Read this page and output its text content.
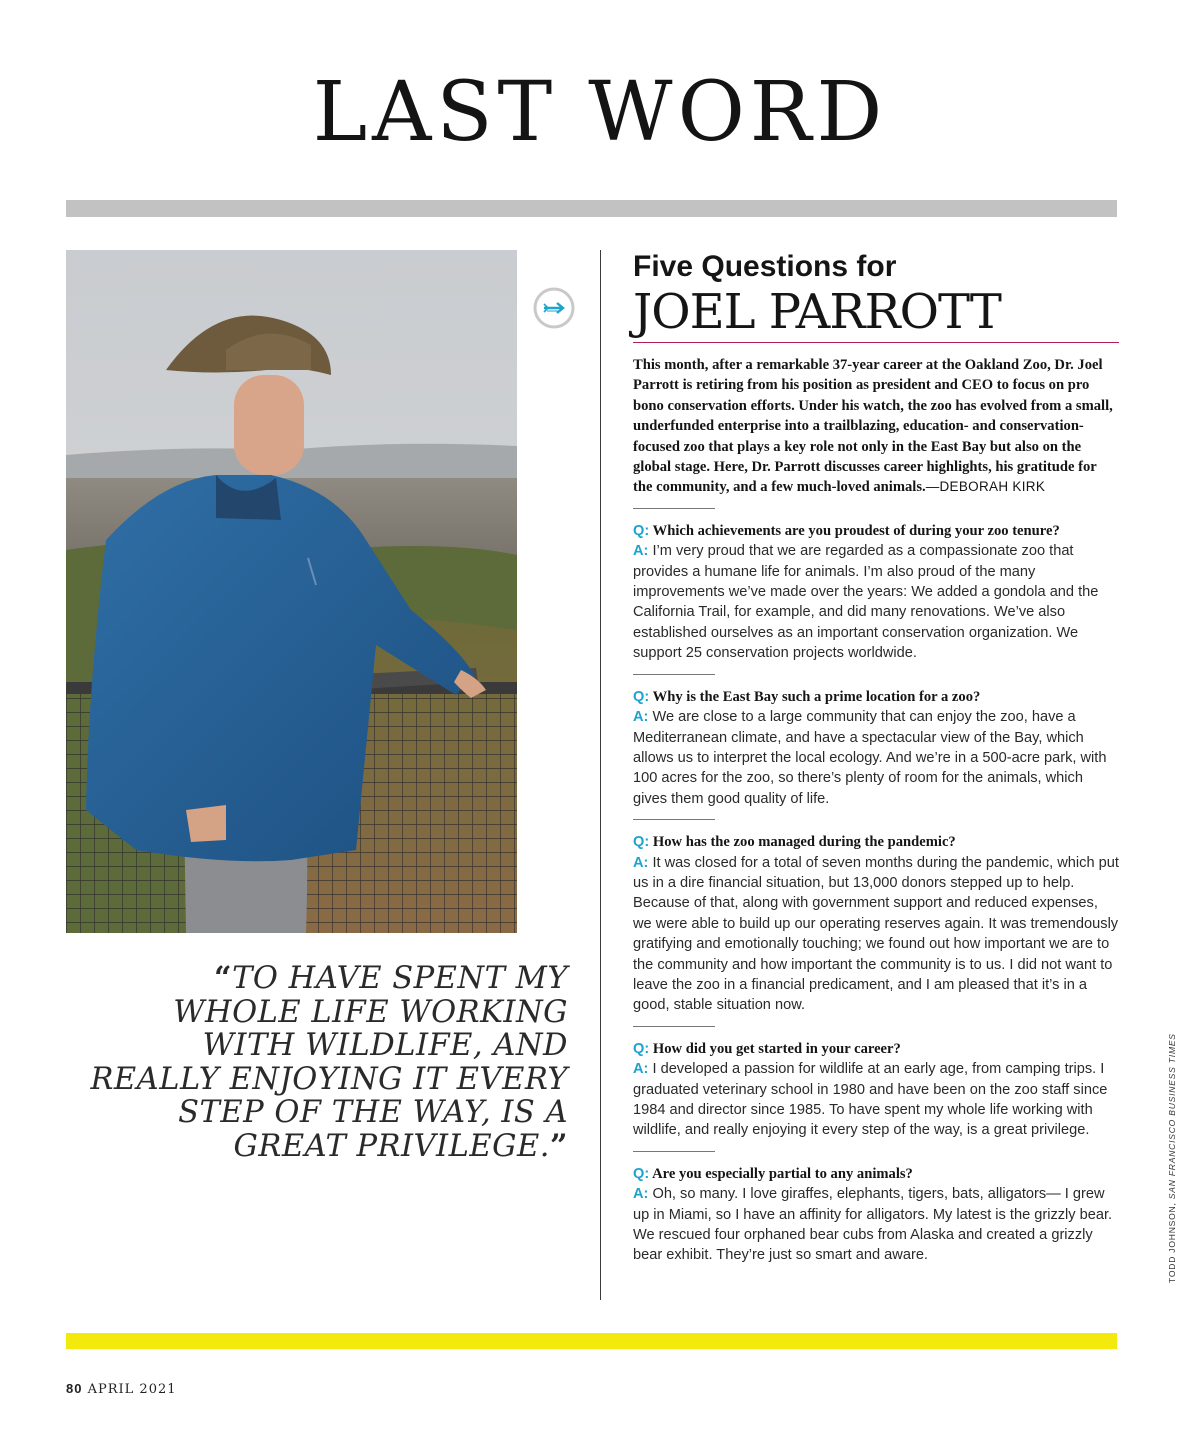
LAST WORD
“TO HAVE SPENT MY WHOLE LIFE WORKING WITH WILDLIFE, AND REALLY ENJOYING IT EVERY STEP OF THE WAY, IS A GREAT PRIVILEGE.”
Five Questions for
JOEL PARROTT

This month, after a remarkable 37-year career at the Oakland Zoo, Dr. Joel Parrott is retiring from his position as president and CEO to focus on pro bono conservation efforts. Under his watch, the zoo has evolved from a small, underfunded enterprise into a trailblazing, education- and conservation-focused zoo that plays a key role not only in the East Bay but also on the global stage. Here, Dr. Parrott discusses career highlights, his gratitude for the community, and a few much-loved animals.—DEBORAH KIRK

Q: Which achievements are you proudest of during your zoo tenure?

A: I’m very proud that we are regarded as a compassionate zoo that provides a humane life for animals. I’m also proud of the many improvements we’ve made over the years: We added a gondola and the California Trail, for example, and did many renovations. We’ve also established ourselves as an important conservation organization. We support 25 conservation projects worldwide.

Q: Why is the East Bay such a prime location for a zoo?

A: We are close to a large community that can enjoy the zoo, have a Mediterranean climate, and have a spectacular view of the Bay, which allows us to interpret the local ecology. And we’re in a 500-acre park, with 100 acres for the zoo, so there’s plenty of room for the animals, which gives them good quality of life.

Q: How has the zoo managed during the pandemic?

A: It was closed for a total of seven months during the pandemic, which put us in a dire financial situation, but 13,000 donors stepped up to help. Because of that, along with government support and reduced expenses, we were able to build up our operating reserves again. It was tremendously gratifying and emotionally touching; we found out how important we are to the community and how important the community is to us. I did not want to leave the zoo in a financial predicament, and I am pleased that it’s in a good, stable situation now.

Q: How did you get started in your career?

A: I developed a passion for wildlife at an early age, from camping trips. I graduated veterinary school in 1980 and have been on the zoo staff since 1984 and director since 1985. To have spent my whole life working with wildlife, and really enjoying it every step of the way, is a great privilege.

Q: Are you especially partial to any animals?

A: Oh, so many. I love giraffes, elephants, tigers, bats, alligators— I grew up in Miami, so I have an affinity for alligators. My latest is the grizzly bear. We rescued four orphaned bear cubs from Alaska and created a grizzly bear exhibit. They’re just so smart and aware.	TODD JOHNSON, SAN FRANCISCO BUSINESS TIMES
80 APRIL 2021
